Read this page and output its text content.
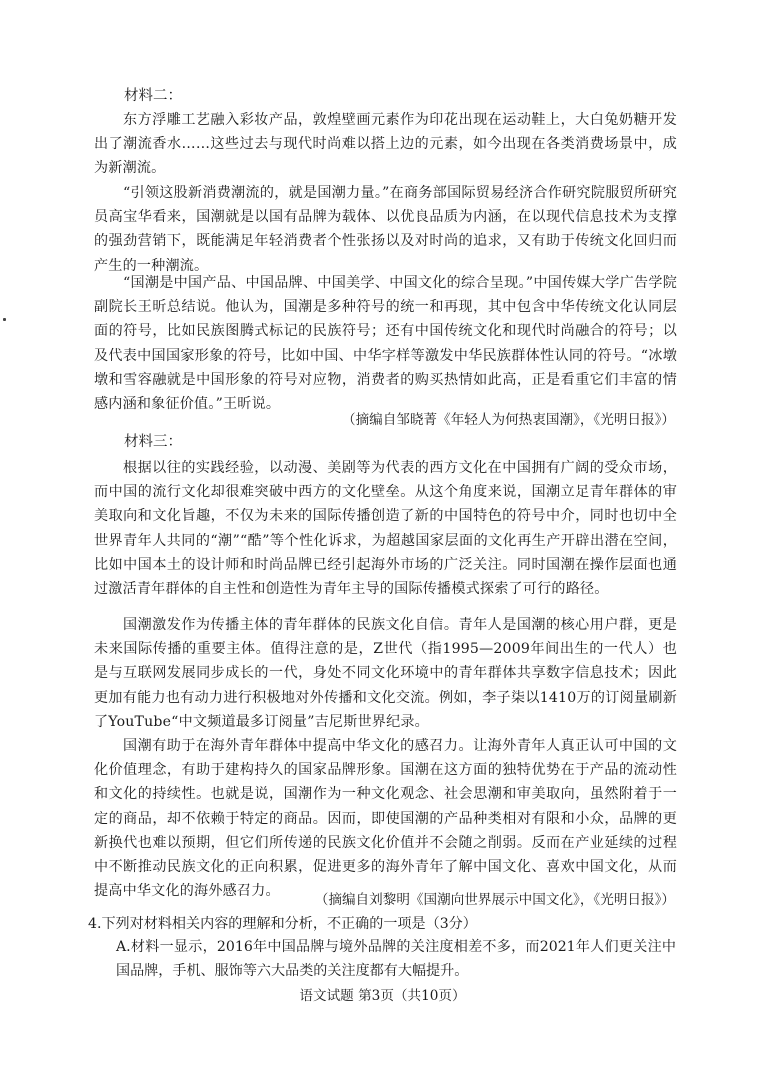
材料二：

东方浮雕工艺融入彩妆产品，敦煌壁画元素作为印花出现在运动鞋上，大白兔奶糖开发出了潮流香水……这些过去与现代时尚难以搭上边的元素，如今出现在各类消费场景中，成为新潮流。

“引领这股新消费潮流的，就是国潮力量。”在商务部国际贸易经济合作研究院服贸所研究员高宝华看来，国潮就是以国有品牌为载体、以优良品质为内涵，在以现代信息技术为支撑的强劲营销下，既能满足年轻消费者个性张扬以及对时尚的追求，又有助于传统文化回归而产生的一种潮流。

“国潮是中国产品、中国品牌、中国美学、中国文化的综合呈现。”中国传媒大学广告学院副院长王昕总结说。他认为，国潮是多种符号的统一和再现，其中包含中华传统文化认同层面的符号，比如民族图腾式标记的民族符号；还有中国传统文化和现代时尚融合的符号；以及代表中国国家形象的符号，比如中国、中华字样等激发中华民族群体性认同的符号。“冰墩墩和雪容融就是中国形象的符号对应物，消费者的购买热情如此高，正是看重它们丰富的情感内涵和象征价值。”王昕说。

（摘编自邹晓菁《年轻人为何热衷国潮》，《光明日报》）

材料三：

根据以往的实践经验，以动漫、美剧等为代表的西方文化在中国拥有广阔的受众市场，而中国的流行文化却很难突破中西方的文化壁垒。从这个角度来说，国潮立足青年群体的审美取向和文化旨趣，不仅为未来的国际传播创造了新的中国特色的符号中介，同时也切中全世界青年人共同的“潮”“酷”等个性化诉求，为超越国家层面的文化再生产开辟出潜在空间，比如中国本土的设计师和时尚品牌已经引起海外市场的广泛关注。同时国潮在操作层面也通过激活青年群体的自主性和创造性为青年主导的国际传播模式探索了可行的路径。

国潮激发作为传播主体的青年群体的民族文化自信。青年人是国潮的核心用户群，更是未来国际传播的重要主体。值得注意的是，Z世代（指1995—2009年间出生的一代人）也是与互联网发展同步成长的一代，身处不同文化环境中的青年群体共享数字信息技术；因此更加有能力也有动力进行积极地对外传播和文化交流。例如，李子柒以1410万的订阅量刷新了YouTube“中文频道最多订阅量”吉尼斯世界纪录。

国潮有助于在海外青年群体中提高中华文化的感召力。让海外青年人真正认可中国的文化价值理念，有助于建构持久的国家品牌形象。国潮在这方面的独特优势在于产品的流动性和文化的持续性。也就是说，国潮作为一种文化观念、社会思潮和审美取向，虽然附着于一定的商品，却不依赖于特定的商品。因而，即使国潮的产品种类相对有限和小众，品牌的更新换代也难以预期，但它们所传递的民族文化价值并不会随之削弱。反而在产业延续的过程中不断推动民族文化的正向积累，促进更多的海外青年了解中国文化、喜欢中国文化，从而提高中华文化的海外感召力。

（摘编自刘黎明《国潮向世界展示中国文化》，《光明日报》）

4.下列对材料相关内容的理解和分析，不正确的一项是（3分）

A.材料一显示，2016年中国品牌与境外品牌的关注度相差不多，而2021年人们更关注中国品牌，手机、服饰等六大品类的关注度都有大幅提升。

语文试题 第3页（共10页）
